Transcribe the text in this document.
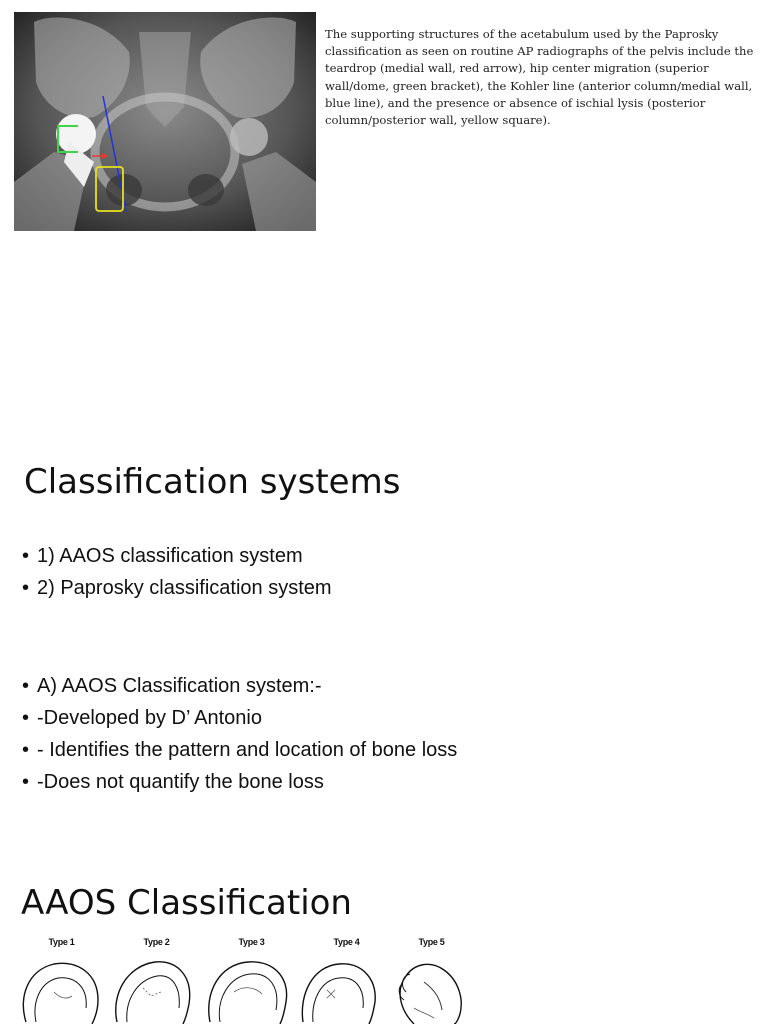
The supporting structures of the acetabulum used by the Paprosky classification as seen on routine AP radiographs of the pelvis include the teardrop (medial wall, red arrow), hip center migration (superior wall/dome, green bracket), the Kohler line (anterior column/medial wall, blue line), and the presence or absence of ischial lysis (posterior column/posterior wall, yellow square).
Classification systems
• 1) AAOS classification system
• 2) Paprosky classification system
• A) AAOS Classification system:-
• -Developed by D’ Antonio
• - Identifies the pattern and location of bone loss
• -Does not quantify the bone loss
AAOS Classification
Type 1	Type 2	Type 3	Type 4	Type 5
